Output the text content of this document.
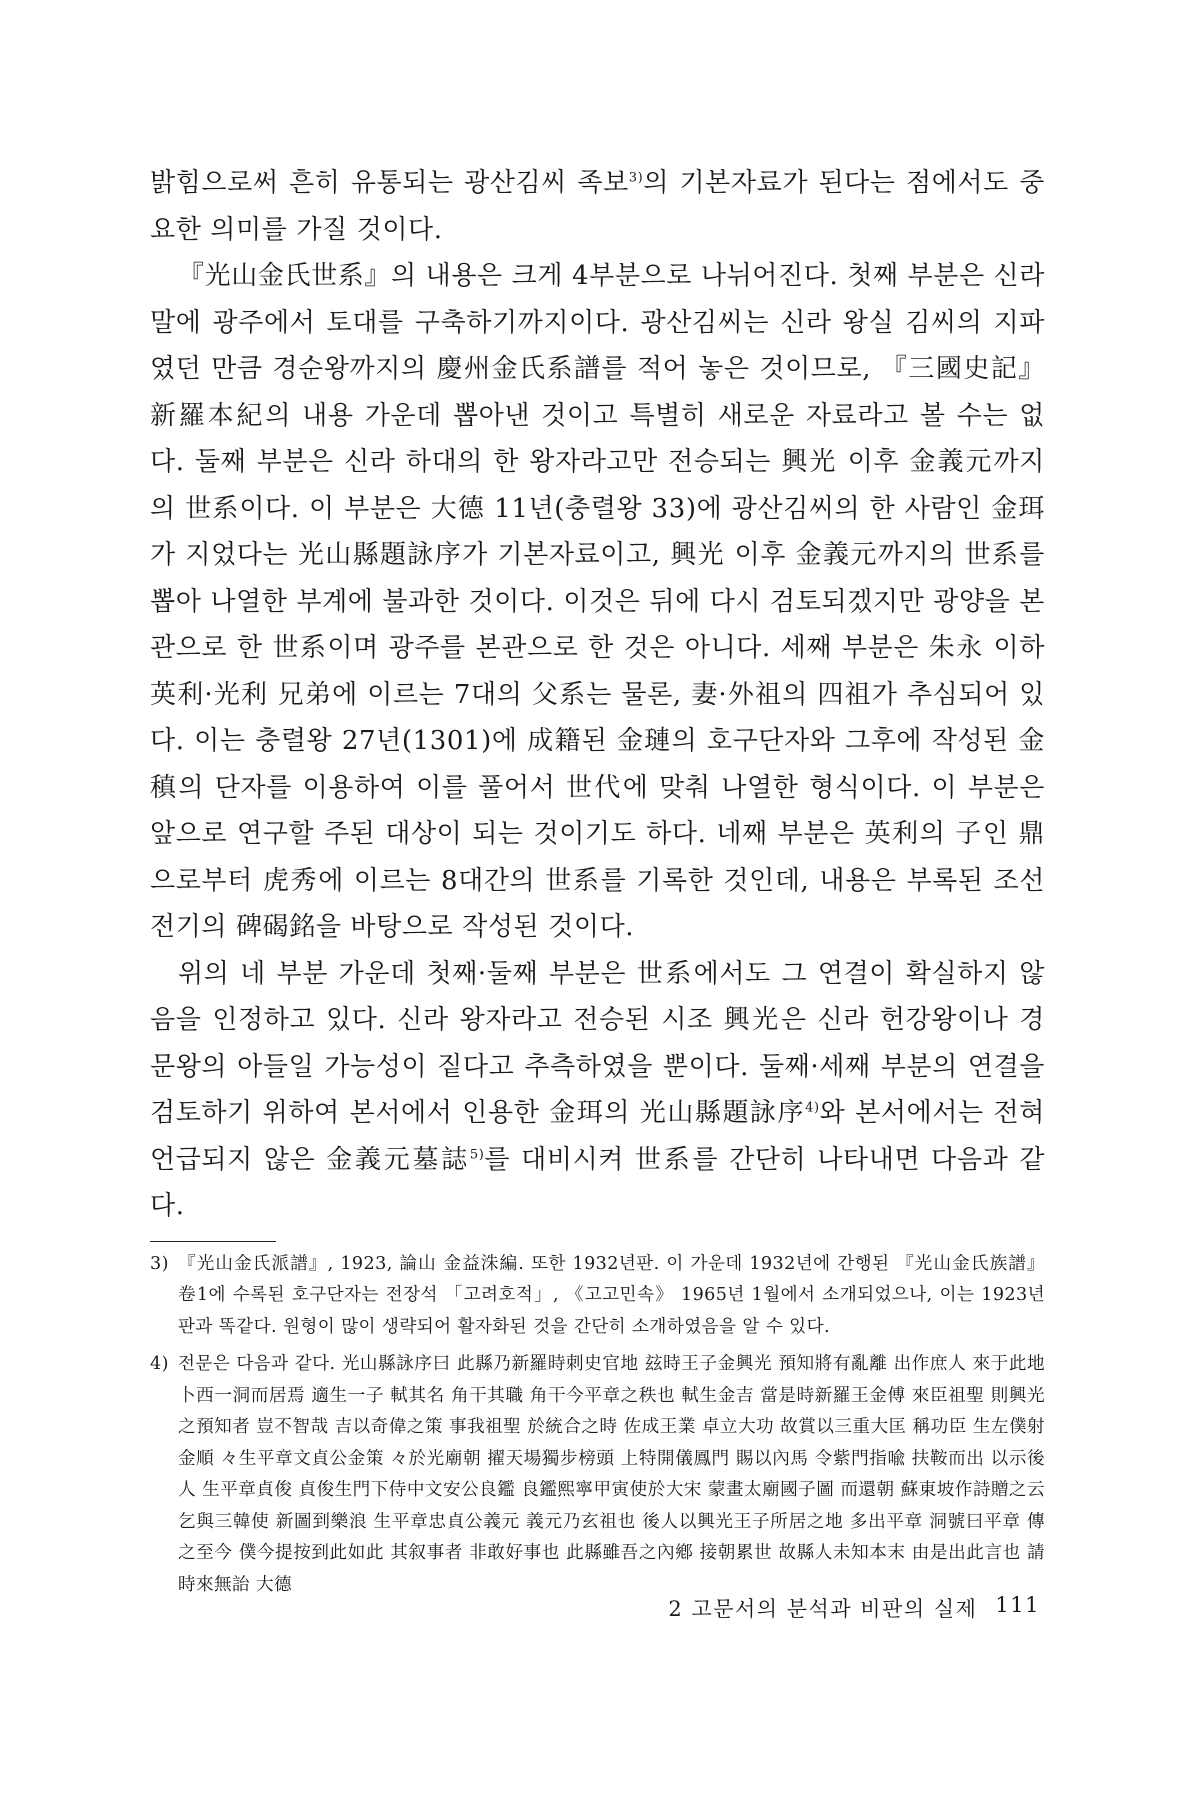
밝힘으로써 흔히 유통되는 광산김씨 족보$^{3)}$의 기본자료가 된다는 점에서도 중요한 의미를 가질 것이다.

『光山金氏世系』의 내용은 크게 4부분으로 나뉘어진다. 첫째 부분은 신라말에 광주에서 토대를 구축하기까지이다. 광산김씨는 신라 왕실 김씨의 지파였던 만큼 경순왕까지의 慶州金氏系譜를 적어 놓은 것이므로, 『三國史記』 新羅本紀의 내용 가운데 뽑아낸 것이고 특별히 새로운 자료라고 볼 수는 없다. 둘째 부분은 신라 하대의 한 왕자라고만 전승되는 興光 이후 金義元까지의 世系이다. 이 부분은 大德 11년(충렬왕 33)에 광산김씨의 한 사람인 金珥가 지었다는 光山縣題詠序가 기본자료이고, 興光 이후 金義元까지의 世系를 뽑아 나열한 부계에 불과한 것이다. 이것은 뒤에 다시 검토되겠지만 광양을 본관으로 한 世系이며 광주를 본관으로 한 것은 아니다. 세째 부분은 朱永 이하 英利·光利 兄弟에 이르는 7대의 父系는 물론, 妻·外祖의 四祖가 추심되어 있다. 이는 충렬왕 27년(1301)에 成籍된 金璉의 호구단자와 그후에 작성된 金稹의 단자를 이용하여 이를 풀어서 世代에 맞춰 나열한 형식이다. 이 부분은 앞으로 연구할 주된 대상이 되는 것이기도 하다. 네째 부분은 英利의 子인 鼎으로부터 虎秀에 이르는 8대간의 世系를 기록한 것인데, 내용은 부록된 조선전기의 碑碣銘을 바탕으로 작성된 것이다.

위의 네 부분 가운데 첫째·둘째 부분은 世系에서도 그 연결이 확실하지 않음을 인정하고 있다. 신라 왕자라고 전승된 시조 興光은 신라 헌강왕이나 경문왕의 아들일 가능성이 짙다고 추측하였을 뿐이다. 둘째·세째 부분의 연결을 검토하기 위하여 본서에서 인용한 金珥의 光山縣題詠序$^{4)}$와 본서에서는 전혀 언급되지 않은 金義元墓誌$^{5)}$를 대비시켜 世系를 간단히 나타내면 다음과 같다.

3) 『光山金氏派譜』, 1923, 論山 金益洙編. 또한 1932년판. 이 가운데 1932년에 간행된 『光山金氏族譜』 卷1에 수록된 호구단자는 전장석 「고려호적」, 《고고민속》 1965년 1월에서 소개되었으나, 이는 1923년 판과 똑같다. 원형이 많이 생략되어 활자화된 것을 간단히 소개하였음을 알 수 있다.
4) 전문은 다음과 같다. 光山縣詠序曰 此縣乃新羅時刺史官地 玆時王子金興光 預知將有亂離 出作庶人 來于此地 卜西一洞而居焉 適生一子 軾其名 角干其職 角干今平章之秩也 軾生金吉 當是時新羅王金傅 來臣祖聖 則興光之預知者 豈不智哉 吉以奇偉之策 事我祖聖 於統合之時 佐成王業 卓立大功 故賞以三重大匡 稱功臣 生左僕射金順 々生平章文貞公金策 々於光廟朝 擢天場獨步榜頭 上特開儀鳳門 賜以內馬 令紫門指喩 扶鞍而出 以示後人 生平章貞俊 貞俊生門下侍中文安公良鑑 良鑑熙寧甲寅使於大宋 蒙畫太廟國子圖 而還朝 蘇東坡作詩贈之云 乞與三韓使 新圖到樂浪 生平章忠貞公義元 義元乃玄祖也 後人以興光王子所居之地 多出平章 洞號曰平章 傳之至今 僕今提按到此如此 其叙事者 非敢好事也 此縣雖吾之內鄕 接朝累世 故縣人未知本末 由是出此言也 請時來無詒 大德
2 고문서의 분석과 비판의 실제 111
